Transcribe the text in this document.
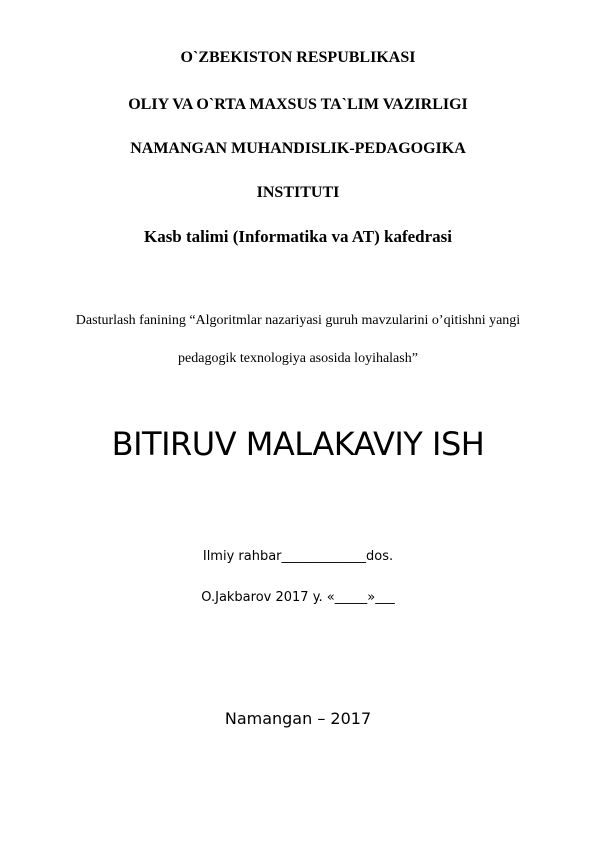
O`ZBEKISTON RESPUBLIKASI

OLIY VA O`RTA MAXSUS TA`LIM VAZIRLIGI

NAMANGAN MUHANDISLIK-PEDAGOGIKA

INSTITUTI

Kasb talimi (Informatika va AT) kafedrasi

Dasturlash fanining “Algoritmlar nazariyasi guruh mavzularini o’qitishni yangi

pedagogik texnologiya asosida loyihalash”

BITIRUV MALAKAVIY ISH

Ilmiy rahbar_____________dos.

O.Jakbarov 2017 y. «_____»___

Namangan – 2017
